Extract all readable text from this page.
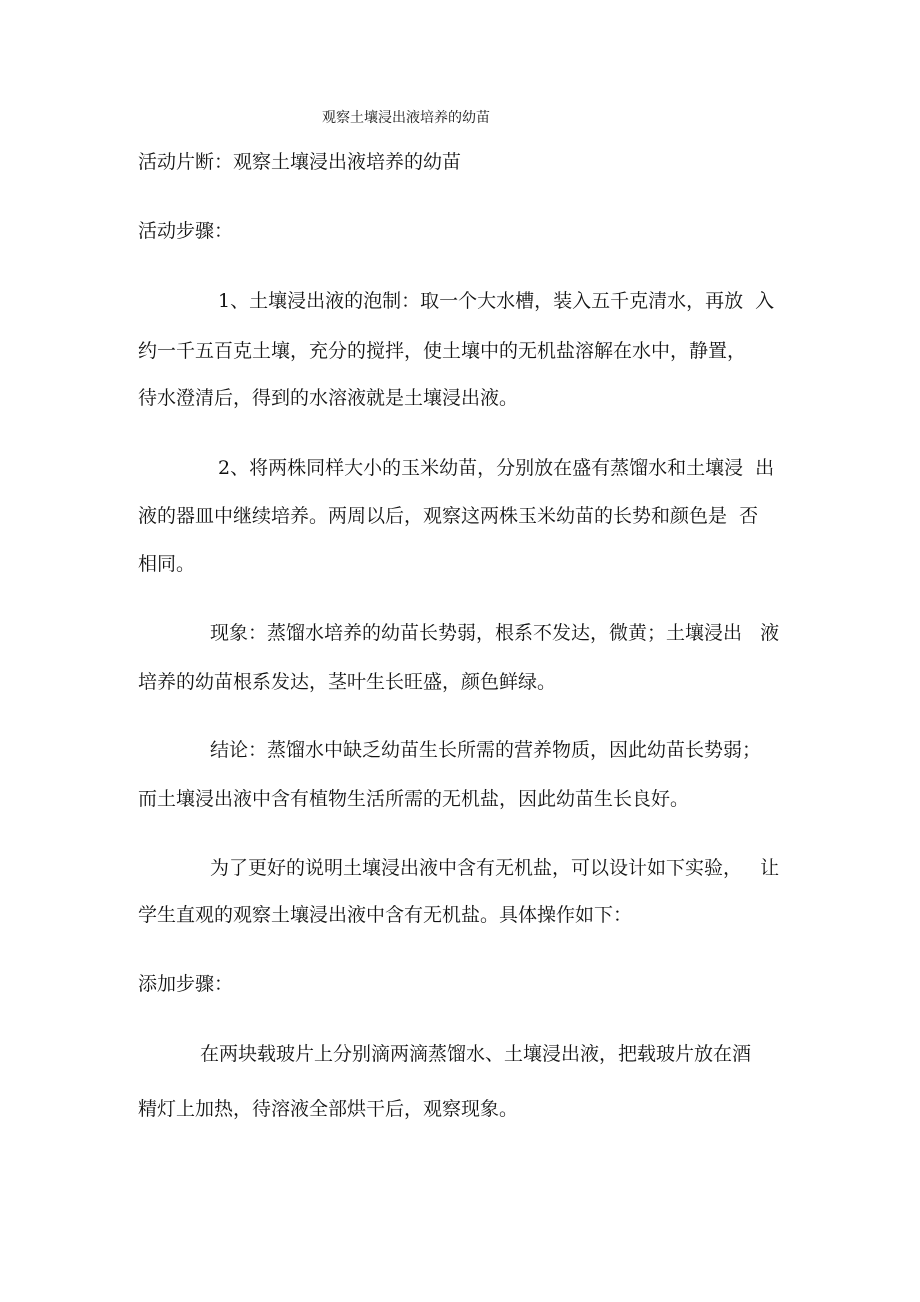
观察土壤浸出液培养的幼苗
活动片断：观察土壤浸出液培养的幼苗
活动步骤：
1、土壤浸出液的泡制：取一个大水槽，装入五千克清水，再放  入
约一千五百克土壤，充分的搅拌，使土壤中的无机盐溶解在水中，静置，
待水澄清后，得到的水溶液就是土壤浸出液。
2、将两株同样大小的玉米幼苗，分别放在盛有蒸馏水和土壤浸  出
液的器皿中继续培养。两周以后，观察这两株玉米幼苗的长势和颜色是  否
相同。
现象：蒸馏水培养的幼苗长势弱，根系不发达，微黄；土壤浸出   液
培养的幼苗根系发达，茎叶生长旺盛，颜色鲜绿。
结论：蒸馏水中缺乏幼苗生长所需的营养物质，因此幼苗长势弱；
而土壤浸出液中含有植物生活所需的无机盐，因此幼苗生长良好。
为了更好的说明土壤浸出液中含有无机盐，可以设计如下实验，   让
学生直观的观察土壤浸出液中含有无机盐。具体操作如下：
添加步骤：
在两块载玻片上分别滴两滴蒸馏水、土壤浸出液，把载玻片放在酒
精灯上加热，待溶液全部烘干后，观察现象。
